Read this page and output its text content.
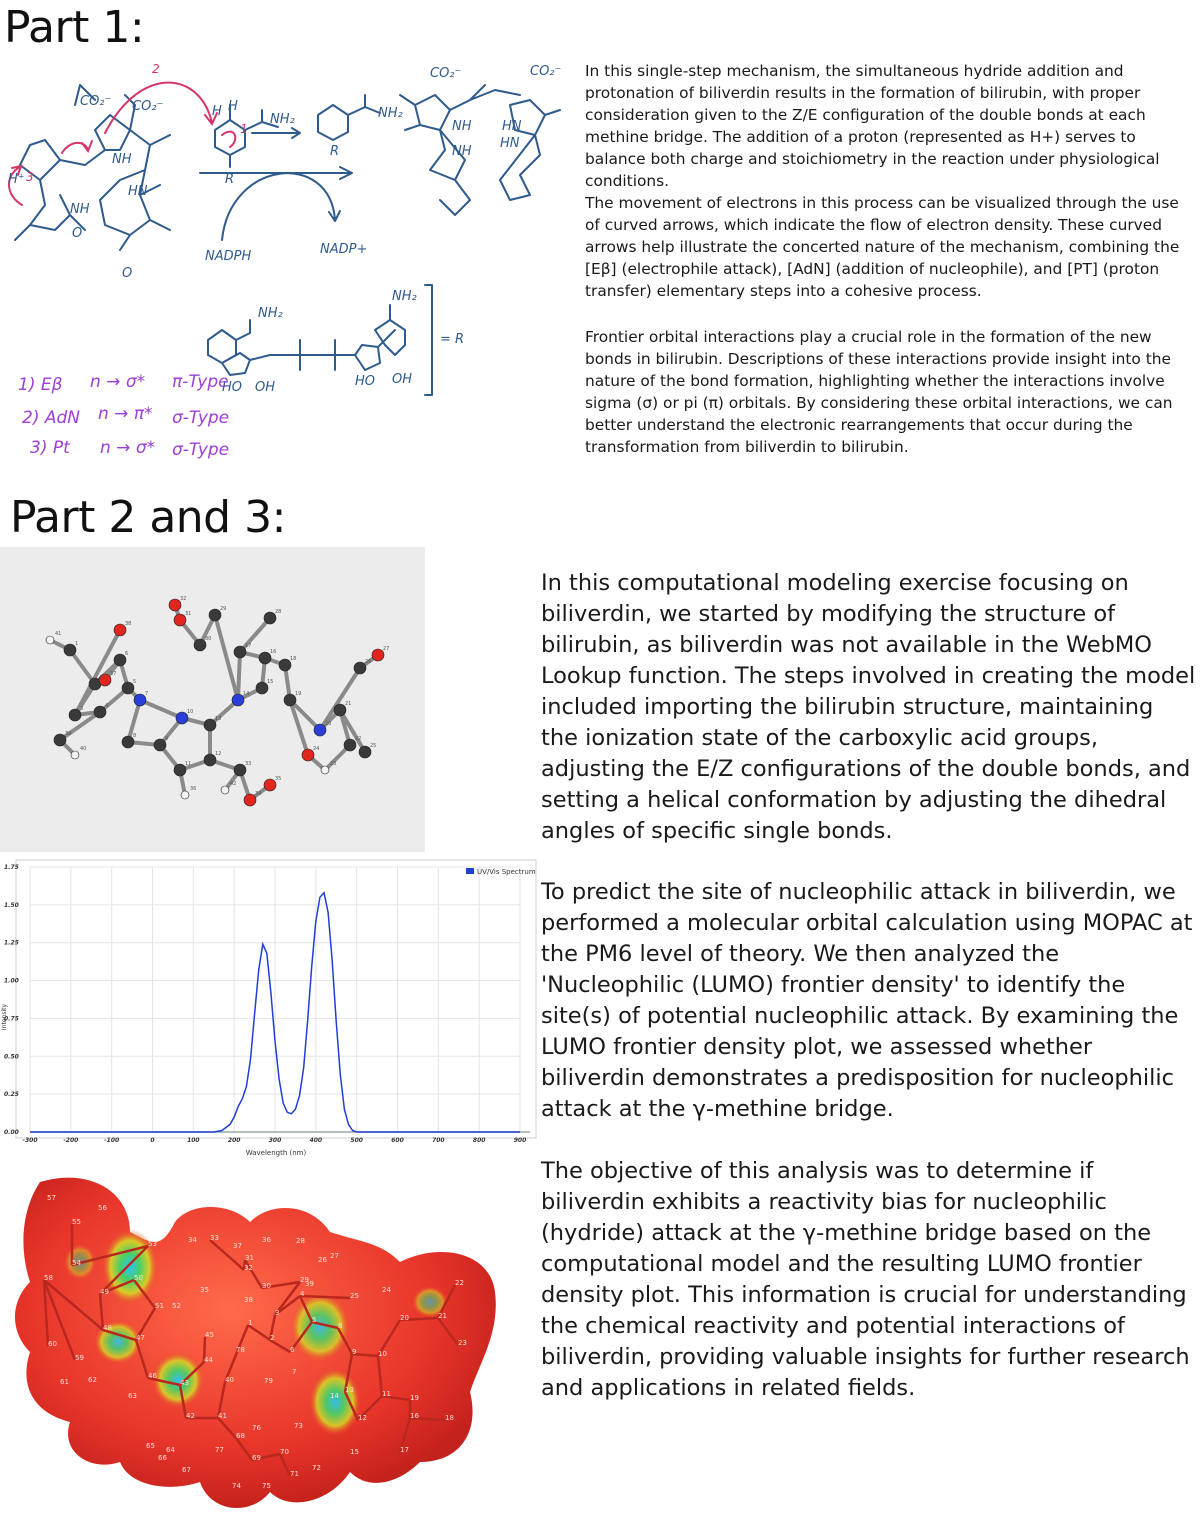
Part 1:
CO₂⁻ CO₂⁻
CO₂⁻	CO₂⁻
NH
NH
HN
NH HN
NH
HN
H⁺
NH₂	NH₂
NH₂
NH₂
H H
R
R
O
O
NADPH	NADP+
= R
HO OH	HO OH
1
2
3
1) Eβ n → σ* π-Type
2) AdN n → π* σ-Type
3) Pt n → σ* σ-Type

In this single-step mechanism, the simultaneous hydride addition and protonation of biliverdin results in the formation of bilirubin, with proper consideration given to the Z/E configuration of the double bonds at each methine bridge. The addition of a proton (represented as H+) serves to balance both charge and stoichiometry in the reaction under physiological conditions.

The movement of electrons in this process can be visualized through the use of curved arrows, which indicate the flow of electron density. These curved arrows help illustrate the concerted nature of the mechanism, combining the [Eβ] (electrophile attack), [AdN] (addition of nucleophile), and [PT] (proton transfer) elementary steps into a cohesive process.

Frontier orbital interactions play a crucial role in the formation of the new bonds in bilirubin. Descriptions of these interactions provide insight into the nature of the bond formation, highlighting whether the interactions involve sigma (σ) or pi (π) orbitals. By considering these orbital interactions, we can better understand the electronic rearrangements that occur during the transformation from biliverdin to bilirubin.

Part 2 and 3:
1
2
3	4
5
6
7
8	9
10
11
12
13
14
15
16
17
18
19
20
21
22
23
24	25
26
27
28
29
30
31
32
33
34
35
36
37
38
39
40
41
42
-300	-200	-100	0	100	200	300	400	500	600	700	800	900
0.00
0.25
0.50
0.75
1.00
1.25
1.50
1.75
Wavelength (nm)
Intensity
UV/Vis Spectrum
1
2
3
4
5
6
7
8
9	10
11
12
13
14
15
16
17
18
19
20	21
22
23
24
25
26 27
28
29
30
31
32
33
34
35
36
37
38
39
40
41
42
43
44
45
46
47
48
49
50
51 52
53
54
55
56
57
58
59
60
61	62
63
64
65
66
67
68
69
70
71
72
73
74	75
76
77
78
79

In this computational modeling exercise focusing on biliverdin, we started by modifying the structure of bilirubin, as biliverdin was not available in the WebMO Lookup function. The steps involved in creating the model included importing the bilirubin structure, maintaining the ionization state of the carboxylic acid groups, adjusting the E/Z configurations of the double bonds, and setting a helical conformation by adjusting the dihedral angles of specific single bonds.

To predict the site of nucleophilic attack in biliverdin, we performed a molecular orbital calculation using MOPAC at the PM6 level of theory. We then analyzed the 'Nucleophilic (LUMO) frontier density' to identify the site(s) of potential nucleophilic attack. By examining the LUMO frontier density plot, we assessed whether biliverdin demonstrates a predisposition for nucleophilic attack at the γ-methine bridge.

The objective of this analysis was to determine if biliverdin exhibits a reactivity bias for nucleophilic (hydride) attack at the γ-methine bridge based on the computational model and the resulting LUMO frontier density plot. This information is crucial for understanding the chemical reactivity and potential interactions of biliverdin, providing valuable insights for further research and applications in related fields.
